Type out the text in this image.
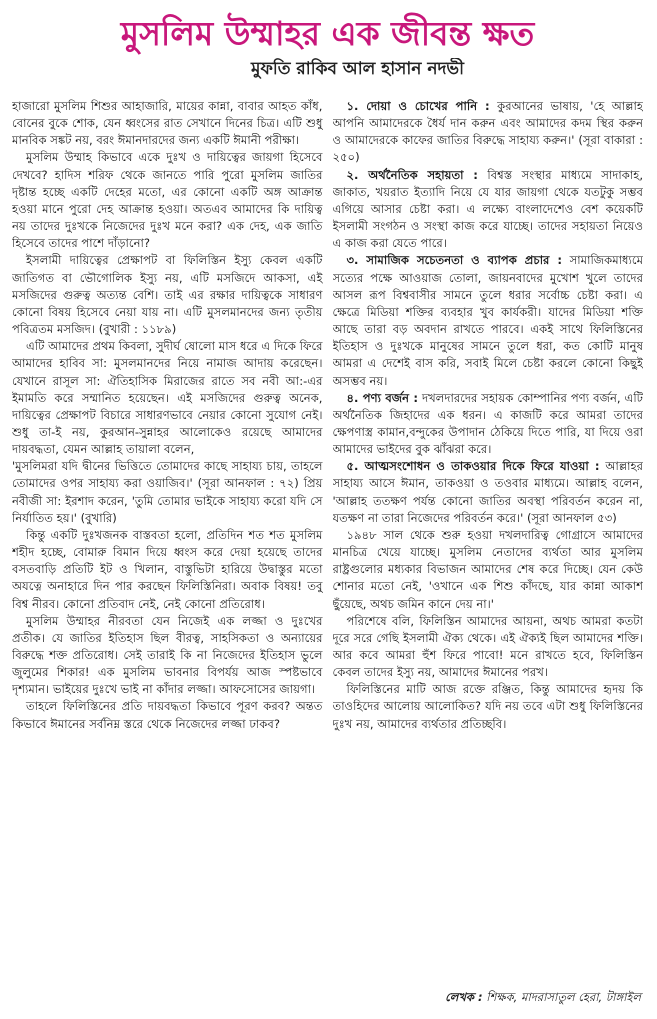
মুসলিম উম্মাহর এক জীবন্ত ক্ষত
মুফতি রাকিব আল হাসান নদভী

হাজারো মুসলিম শিশুর আহাজারি, মায়ের কান্না, বাবার আহত কাঁধ, বোনের বুকে শোক, যেন ধ্বংসের রাত সেখানে দিনের চিত্র। এটি শুধু মানবিক সঙ্কট নয়, বরং ঈমানদারদের জন্য একটি ঈমানী পরীক্ষা।

মুসলিম উম্মাহ কিভাবে একে দুঃখ ও দায়িত্বের জায়গা হিসেবে দেখবে? হাদিস শরিফ থেকে জানতে পারি পুরো মুসলিম জাতির দৃষ্টান্ত হচ্ছে একটি দেহের মতো, এর কোনো একটি অঙ্গ আক্রান্ত হওয়া মানে পুরো দেহ আক্রান্ত হওয়া। অতএব আমাদের কি দায়িত্ব নয় তাদের দুঃখকে নিজেদের দুঃখ মনে করা? এক দেহ, এক জাতি হিসেবে তাদের পাশে দাঁড়ানো?

ইসলামী দায়িত্বের প্রেক্ষাপট বা ফিলিস্তিন ইস্যু কেবল একটি জাতিগত বা ভৌগোলিক ইস্যু নয়, এটি মসজিদে আকসা, এই মসজিদের গুরুত্ব অত্যন্ত বেশি। তাই এর রক্ষার দায়িত্বকে সাধারণ কোনো বিষয় হিসেবে নেয়া যায় না। এটি মুসলমানদের জন্য তৃতীয় পবিত্রতম মসজিদ। (বুখারী : ১১৮৯)

এটি আমাদের প্রথম কিবলা, সুদীর্ঘ ষোলো মাস ধরে এ দিকে ফিরে আমাদের হাবিব সা: মুসলমানদের নিয়ে নামাজ আদায় করেছেন। যেখানে রাসূল সা: ঐতিহাসিক মিরাজের রাতে সব নবী আ:-এর ইমামতি করে সম্মানিত হয়েছেন। এই মসজিদের গুরুত্ব অনেক, দায়িত্বের প্রেক্ষাপট বিচারে সাধারণভাবে নেয়ার কোনো সুযোগ নেই। শুধু তা-ই নয়, কুরআন-সুন্নাহর আলোকেও রয়েছে আমাদের দায়বদ্ধতা, যেমন আল্লাহ তায়ালা বলেন,

'মুসলিমরা যদি দ্বীনের ভিত্তিতে তোমাদের কাছে সাহায্য চায়, তাহলে তোমাদের ওপর সাহায্য করা ওয়াজিব।' (সূরা আনফাল : ৭২) প্রিয় নবীজী সা: ইরশাদ করেন, 'তুমি তোমার ভাইকে সাহায্য করো যদি সে নির্যাতিত হয়।' (বুখারি)

কিন্তু একটি দুঃখজনক বাস্তবতা হলো, প্রতিদিন শত শত মুসলিম শহীদ হচ্ছে, বোমারু বিমান দিয়ে ধ্বংস করে দেয়া হয়েছে তাদের বসতবাড়ি প্রতিটি ইট ও খিলান, বাস্তুভিটা হারিয়ে উদ্বাস্তুর মতো অযত্নে অনাহারে দিন পার করছেন ফিলিস্তিনিরা। অবাক বিষয়! তবু বিশ্ব নীরব। কোনো প্রতিবাদ নেই, নেই কোনো প্রতিরোধ।

মুসলিম উম্মাহর নীরবতা যেন নিজেই এক লজ্জা ও দুঃখের প্রতীক। যে জাতির ইতিহাস ছিল বীরত্ব, সাহসিকতা ও অন্যায়ের বিরুদ্ধে শক্ত প্রতিরোধ। সেই তারাই কি না নিজেদের ইতিহাস ভুলে জুলুমের শিকার! এক মুসলিম ভাবনার বিপর্যয় আজ স্পষ্টভাবে দৃশ্যমান। ভাইয়ের দুঃখে ভাই না কাঁদার লজ্জা। আফসোসের জায়গা।

তাহলে ফিলিস্তিনের প্রতি দায়বদ্ধতা কিভাবে পূরণ করব? অন্তত কিভাবে ঈমানের সর্বনিম্ন স্তরে থেকে নিজেদের লজ্জা ঢাকব?

১. দোয়া ও চোখের পানি : কুরআনের ভাষায়, 'হে আল্লাহ আপনি আমাদেরকে ধৈর্য দান করুন এবং আমাদের কদম স্থির করুন ও আমাদেরকে কাফের জাতির বিরুদ্ধে সাহায্য করুন।' (সূরা বাকারা : ২৫০)

২. অর্থনৈতিক সহায়তা : বিশ্বস্ত সংস্থার মাধ্যমে সাদাকাহ, জাকাত, খয়রাত ইত্যাদি নিয়ে যে যার জায়গা থেকে যতটুকু সম্ভব এগিয়ে আসার চেষ্টা করা। এ লক্ষ্যে বাংলাদেশেও বেশ কয়েকটি ইসলামী সংগঠন ও সংস্থা কাজ করে যাচ্ছে। তাদের সহায়তা নিয়েও এ কাজ করা যেতে পারে।

৩. সামাজিক সচেতনতা ও ব্যাপক প্রচার : সামাজিকমাধ্যমে সত্যের পক্ষে আওয়াজ তোলা, জায়নবাদের মুখোশ খুলে তাদের আসল রূপ বিশ্ববাসীর সামনে তুলে ধরার সর্বোচ্চ চেষ্টা করা। এ ক্ষেত্রে মিডিয়া শক্তির ব্যবহার খুব কার্যকরী। যাদের মিডিয়া শক্তি আছে তারা বড় অবদান রাখতে পারবে। একই সাথে ফিলিস্তিনের ইতিহাস ও দুঃখকে মানুষের সামনে তুলে ধরা, কত কোটি মানুষ আমরা এ দেশেই বাস করি, সবাই মিলে চেষ্টা করলে কোনো কিছুই অসম্ভব নয়।

৪. পণ্য বর্জন : দখলদারদের সহায়ক কোম্পানির পণ্য বর্জন, এটি অর্থনৈতিক জিহাদের এক ধরন। এ কাজটি করে আমরা তাদের ক্ষেপণাস্ত্র কামান,বন্দুকের উপাদান ঠেকিয়ে দিতে পারি, যা দিয়ে ওরা আমাদের ভাইদের বুক ঝাঁঝরা করে।

৫. আত্মসংশোধন ও তাকওয়ার দিকে ফিরে যাওয়া : আল্লাহর সাহায্য আসে ঈমান, তাকওয়া ও তওবার মাধ্যমে। আল্লাহ বলেন, 'আল্লাহ ততক্ষণ পর্যন্ত কোনো জাতির অবস্থা পরিবর্তন করেন না, যতক্ষণ না তারা নিজেদের পরিবর্তন করে।' (সূরা আনফাল ৫৩)

১৯৪৮ সাল থেকে শুরু হওয়া দখলদারিত্ব গোগ্রাসে আমাদের মানচিত্র খেয়ে যাচ্ছে। মুসলিম নেতাদের ব্যর্থতা আর মুসলিম রাষ্ট্রগুলোর মধ্যকার বিভাজন আমাদের শেষ করে দিচ্ছে। যেন কেউ শোনার মতো নেই, 'ওখানে এক শিশু কাঁদছে, যার কান্না আকাশ ছুঁয়েছে, অথচ জমিন কানে দেয় না।'

পরিশেষে বলি, ফিলিস্তিন আমাদের আয়না, অথচ আমরা কতটা দূরে সরে গেছি ইসলামী ঐক্য থেকে। এই ঐক্যই ছিল আমাদের শক্তি। আর কবে আমরা হুঁশ ফিরে পাবো! মনে রাখতে হবে, ফিলিস্তিন কেবল তাদের ইস্যু নয়, আমাদের ঈমানের পরখ।

ফিলিস্তিনের মাটি আজ রক্তে রঞ্জিত, কিন্তু আমাদের হৃদয় কি তাওহিদের আলোয় আলোকিত? যদি নয় তবে এটা শুধু ফিলিস্তিনের দুঃখ নয়, আমাদের ব্যর্থতার প্রতিচ্ছবি।

লেখক : শিক্ষক, মাদরাসাতুল হেরা, টাঙ্গাইল
